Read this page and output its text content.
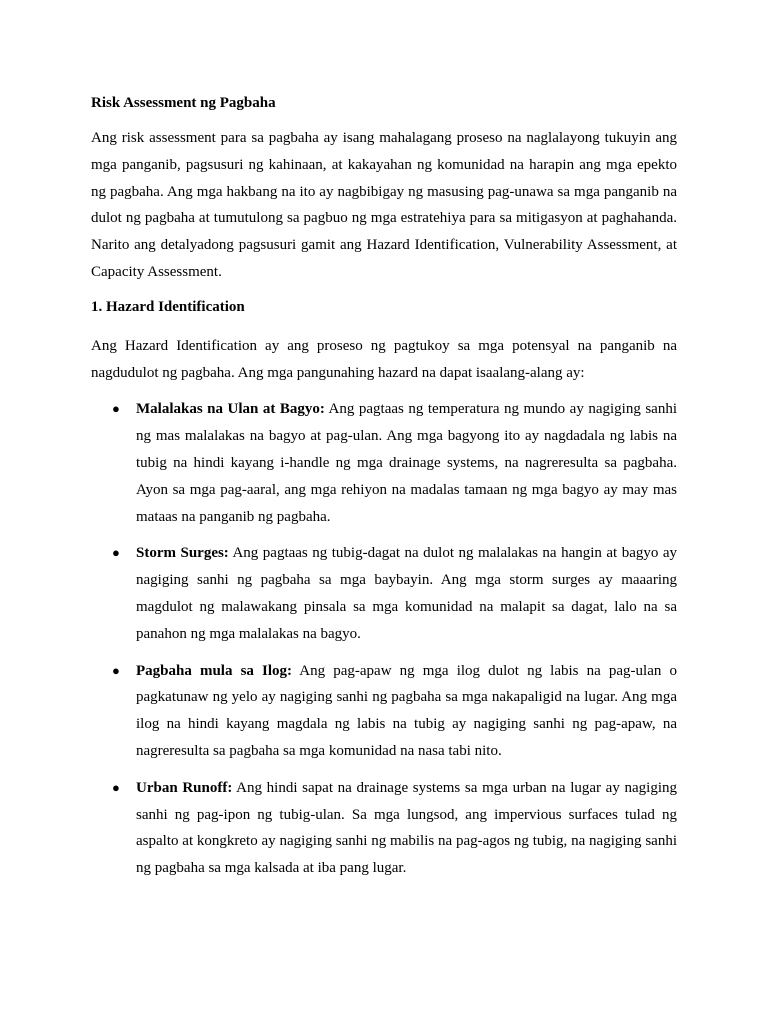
Risk Assessment ng Pagbaha

Ang risk assessment para sa pagbaha ay isang mahalagang proseso na naglalayong tukuyin ang mga panganib, pagsusuri ng kahinaan, at kakayahan ng komunidad na harapin ang mga epekto ng pagbaha. Ang mga hakbang na ito ay nagbibigay ng masusing pag-unawa sa mga panganib na dulot ng pagbaha at tumutulong sa pagbuo ng mga estratehiya para sa mitigasyon at paghahanda. Narito ang detalyadong pagsusuri gamit ang Hazard Identification, Vulnerability Assessment, at Capacity Assessment.

1. Hazard Identification

Ang Hazard Identification ay ang proseso ng pagtukoy sa mga potensyal na panganib na nagdudulot ng pagbaha. Ang mga pangunahing hazard na dapat isaalang-alang ay:

● Malalakas na Ulan at Bagyo: Ang pagtaas ng temperatura ng mundo ay nagiging sanhi ng mas malalakas na bagyo at pag-ulan. Ang mga bagyong ito ay nagdadala ng labis na tubig na hindi kayang i-handle ng mga drainage systems, na nagreresulta sa pagbaha. Ayon sa mga pag-aaral, ang mga rehiyon na madalas tamaan ng mga bagyo ay may mas mataas na panganib ng pagbaha.
● Storm Surges: Ang pagtaas ng tubig-dagat na dulot ng malalakas na hangin at bagyo ay nagiging sanhi ng pagbaha sa mga baybayin. Ang mga storm surges ay maaaring magdulot ng malawakang pinsala sa mga komunidad na malapit sa dagat, lalo na sa panahon ng mga malalakas na bagyo.
● Pagbaha mula sa Ilog: Ang pag-apaw ng mga ilog dulot ng labis na pag-ulan o pagkatunaw ng yelo ay nagiging sanhi ng pagbaha sa mga nakapaligid na lugar. Ang mga ilog na hindi kayang magdala ng labis na tubig ay nagiging sanhi ng pag-apaw, na nagreresulta sa pagbaha sa mga komunidad na nasa tabi nito.
● Urban Runoff: Ang hindi sapat na drainage systems sa mga urban na lugar ay nagiging sanhi ng pag-ipon ng tubig-ulan. Sa mga lungsod, ang impervious surfaces tulad ng aspalto at kongkreto ay nagiging sanhi ng mabilis na pag-agos ng tubig, na nagiging sanhi ng pagbaha sa mga kalsada at iba pang lugar.
